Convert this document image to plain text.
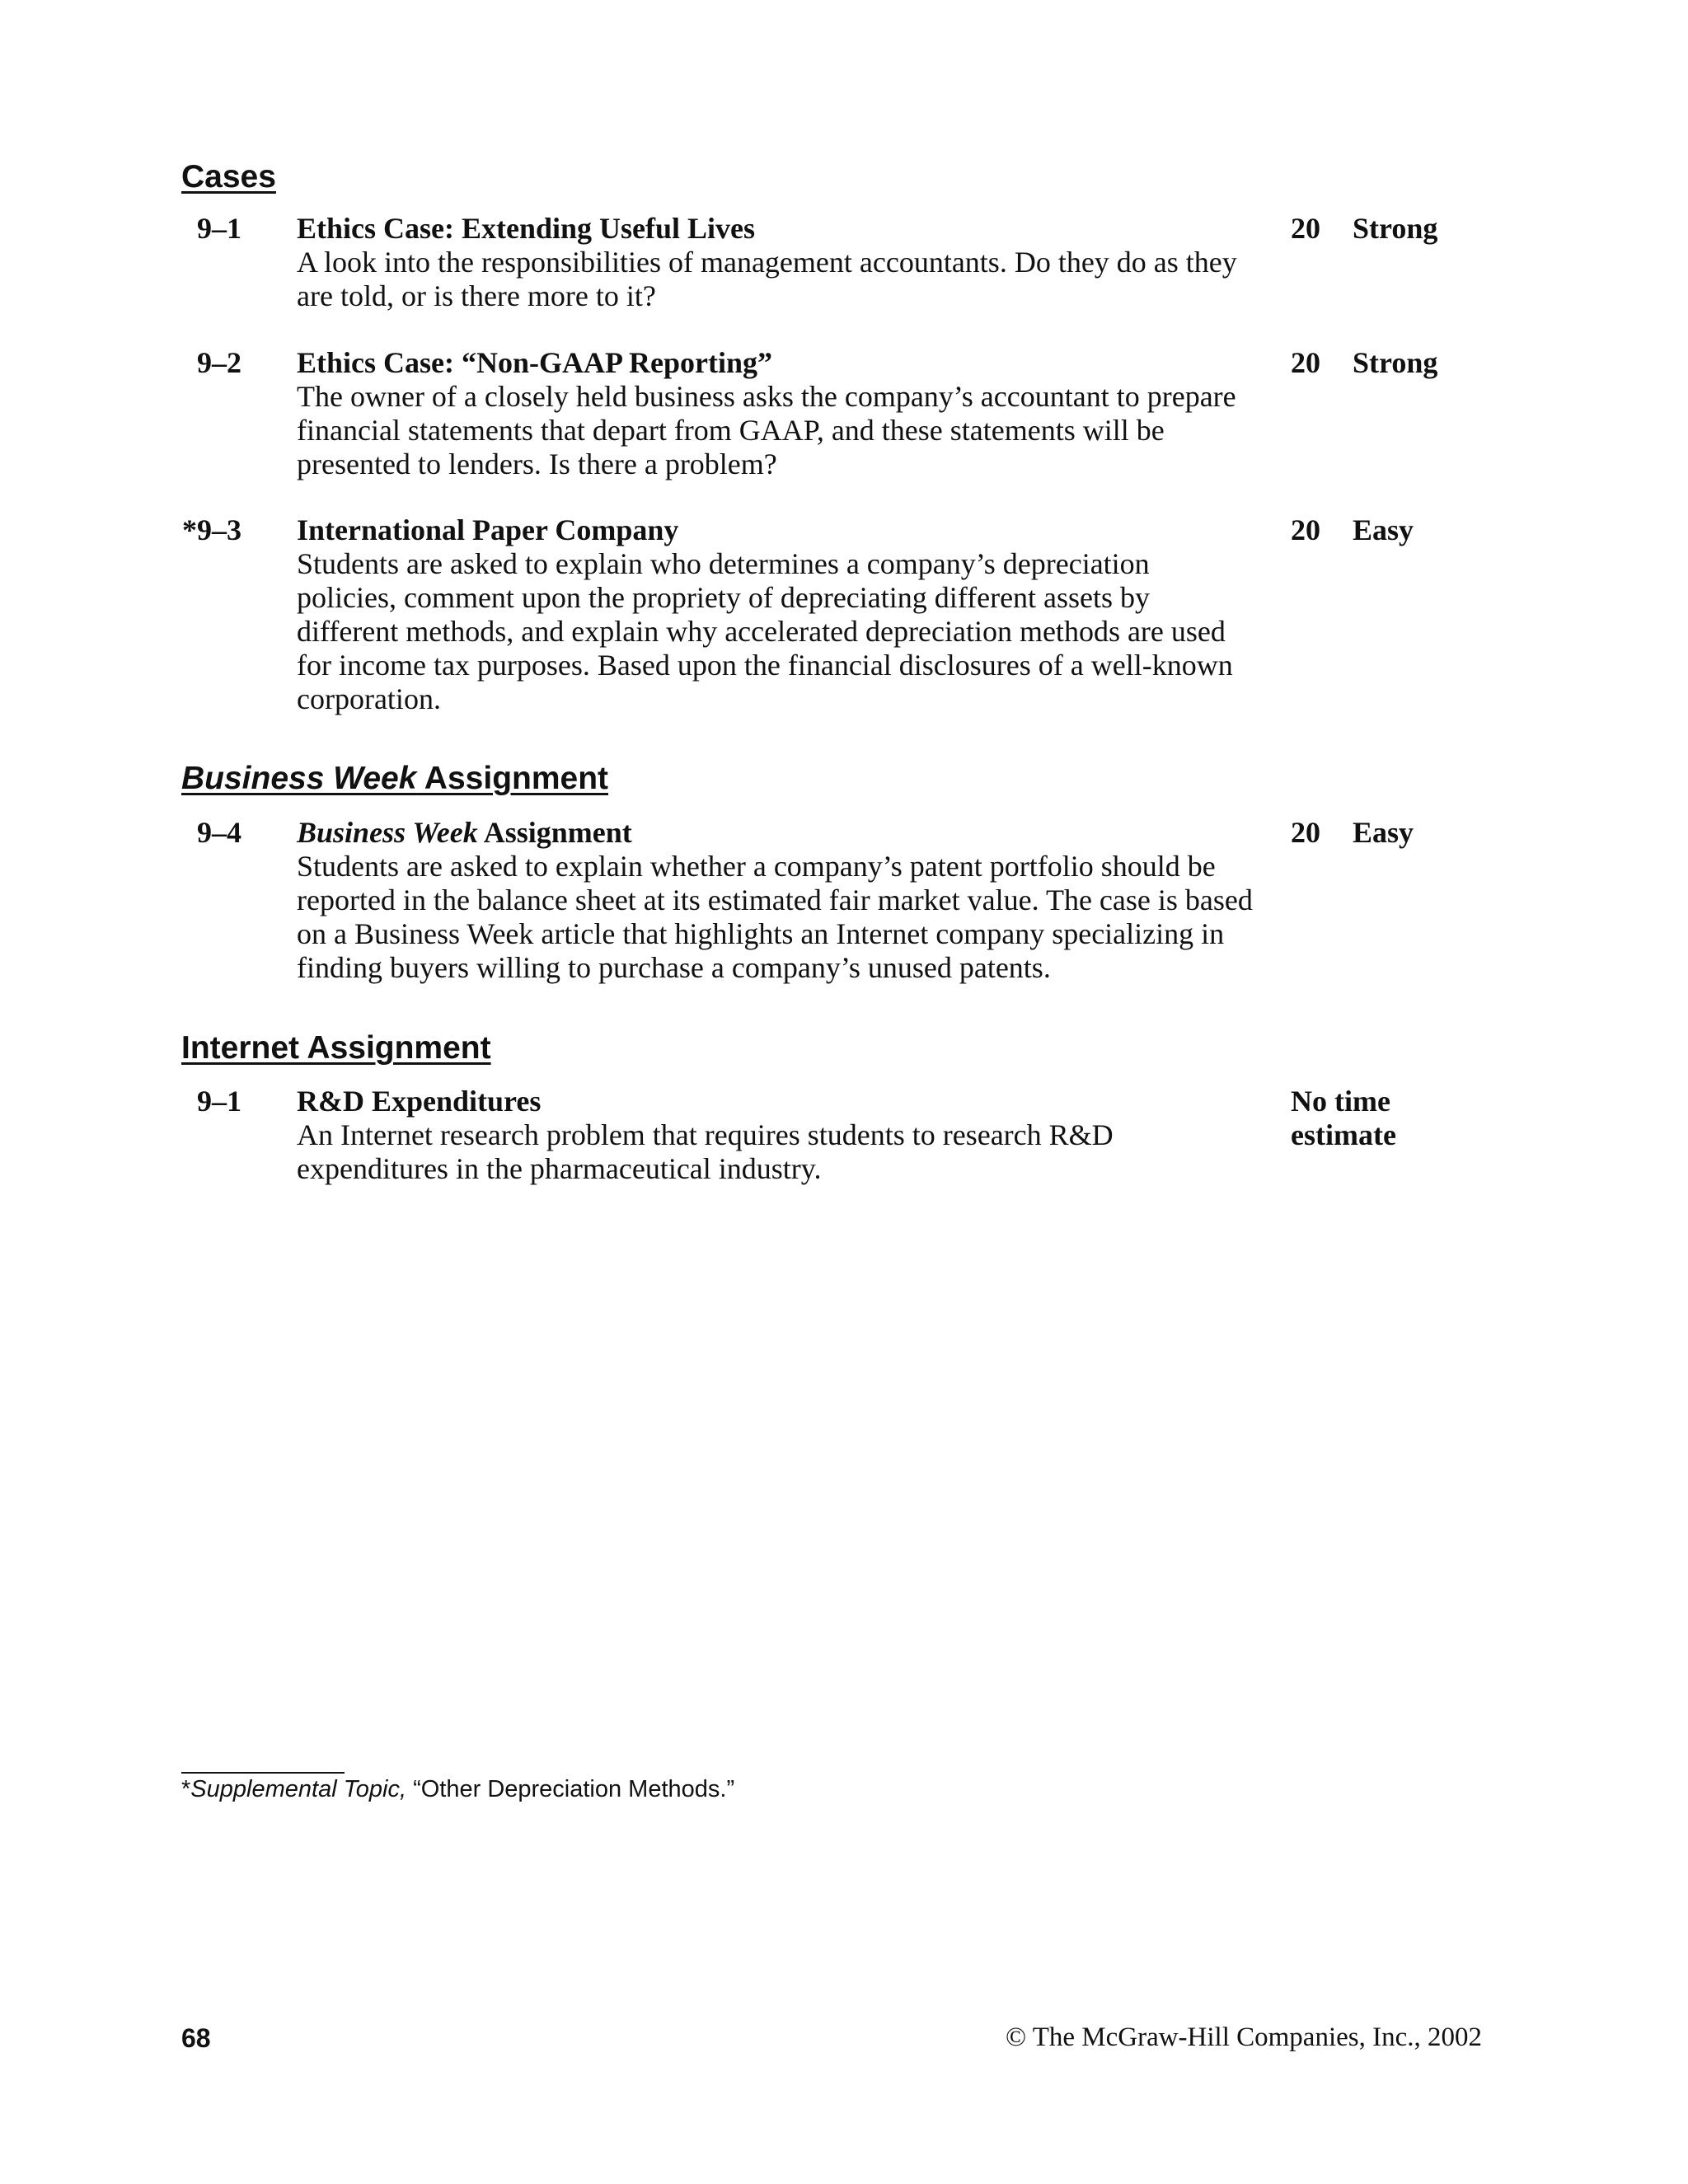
Cases
9–1 Ethics Case: Extending Useful Lives
A look into the responsibilities of management accountants. Do they do as they are told, or is there more to it?
20 Strong
9–2 Ethics Case: “Non-GAAP Reporting”
The owner of a closely held business asks the company’s accountant to prepare financial statements that depart from GAAP, and these statements will be presented to lenders. Is there a problem?
20 Strong
*9–3 International Paper Company
Students are asked to explain who determines a company’s depreciation policies, comment upon the propriety of depreciating different assets by different methods, and explain why accelerated depreciation methods are used for income tax purposes. Based upon the financial disclosures of a well-known corporation.
20 Easy
Business Week Assignment
9–4 Business Week Assignment
Students are asked to explain whether a company’s patent portfolio should be reported in the balance sheet at its estimated fair market value. The case is based on a Business Week article that highlights an Internet company specializing in finding buyers willing to purchase a company’s unused patents.
20 Easy
Internet Assignment
9–1 R&D Expenditures
An Internet research problem that requires students to research R&D expenditures in the pharmaceutical industry.
No time estimate
*Supplemental Topic, “Other Depreciation Methods.”
68	© The McGraw-Hill Companies, Inc., 2002
